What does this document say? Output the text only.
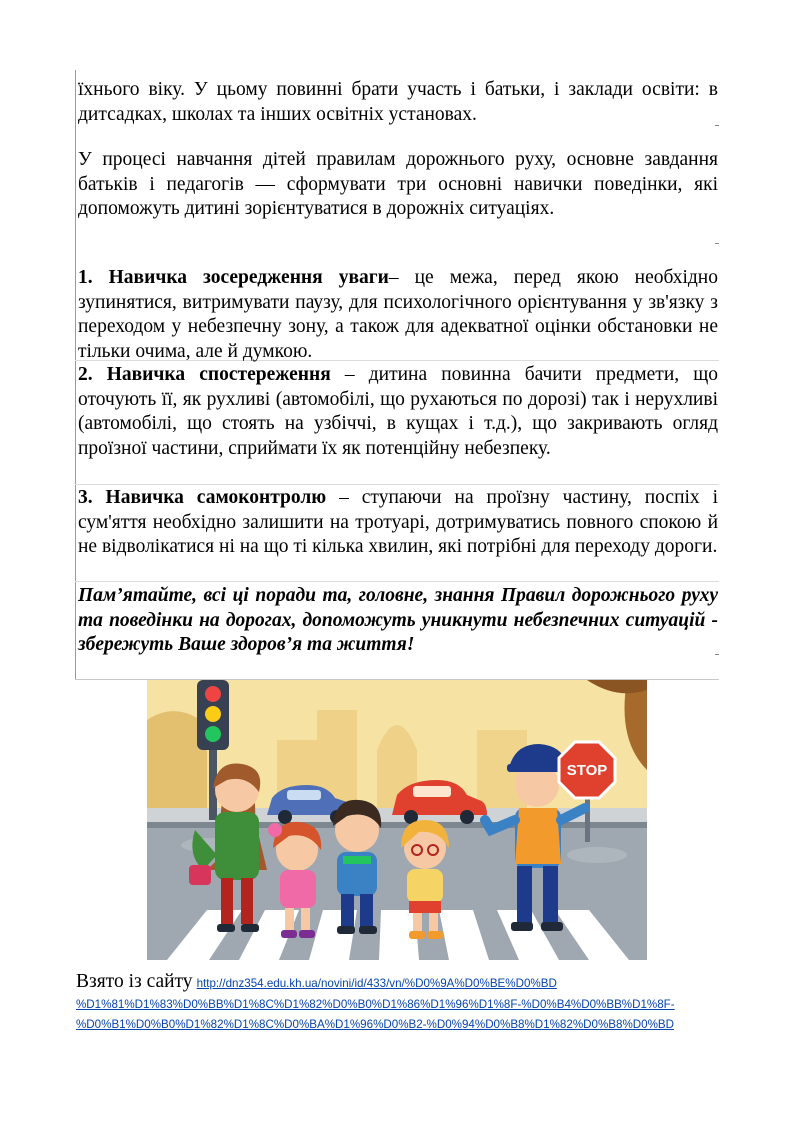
їхнього віку. У цьому повинні брати участь і батьки, і заклади освіти: в дитсадках, школах та інших освітніх установах.

У процесі навчання дітей правилам дорожнього руху, основне завдання батьків і педагогів — сформувати три основні навички поведінки, які допоможуть дитині зорієнтуватися в дорожніх ситуаціях.

1. Навичка зосередження уваги– це межа, перед якою необхідно зупинятися, витримувати паузу, для психологічного орієнтування у зв'язку з переходом у небезпечну зону, а також для адекватної оцінки обстановки не тільки очима, але й думкою.

2. Навичка спостереження – дитина повинна бачити предмети, що оточують її, як рухливі (автомобілі, що рухаються по дорозі) так і нерухливі (автомобілі, що стоять на узбіччі, в кущах і т.д.), що закривають огляд проїзної частини, сприймати їх як потенційну небезпеку.

3. Навичка самоконтролю – ступаючи на проїзну частину, поспіх і сум'яття необхідно залишити на тротуарі, дотримуватись повного спокою й не відволікатися ні на що ті кілька хвилин, які потрібні для переходу дороги.

Пам’ятайте, всі ці поради та, головне, знання Правил дорожнього руху та поведінки на дорогах, допоможуть уникнути небезпечних ситуацій - збережуть Ваше здоров’я та життя!

STOP
Взято із сайту http://dnz354.edu.kh.ua/novini/id/433/vn/%D0%9A%D0%BE%D0%BD
%D1%81%D1%83%D0%BB%D1%8C%D1%82%D0%B0%D1%86%D1%96%D1%8F-%D0%B4%D0%BB%D1%8F-
%D0%B1%D0%B0%D1%82%D1%8C%D0%BA%D1%96%D0%B2-%D0%94%D0%B8%D1%82%D0%B8%D0%BD
